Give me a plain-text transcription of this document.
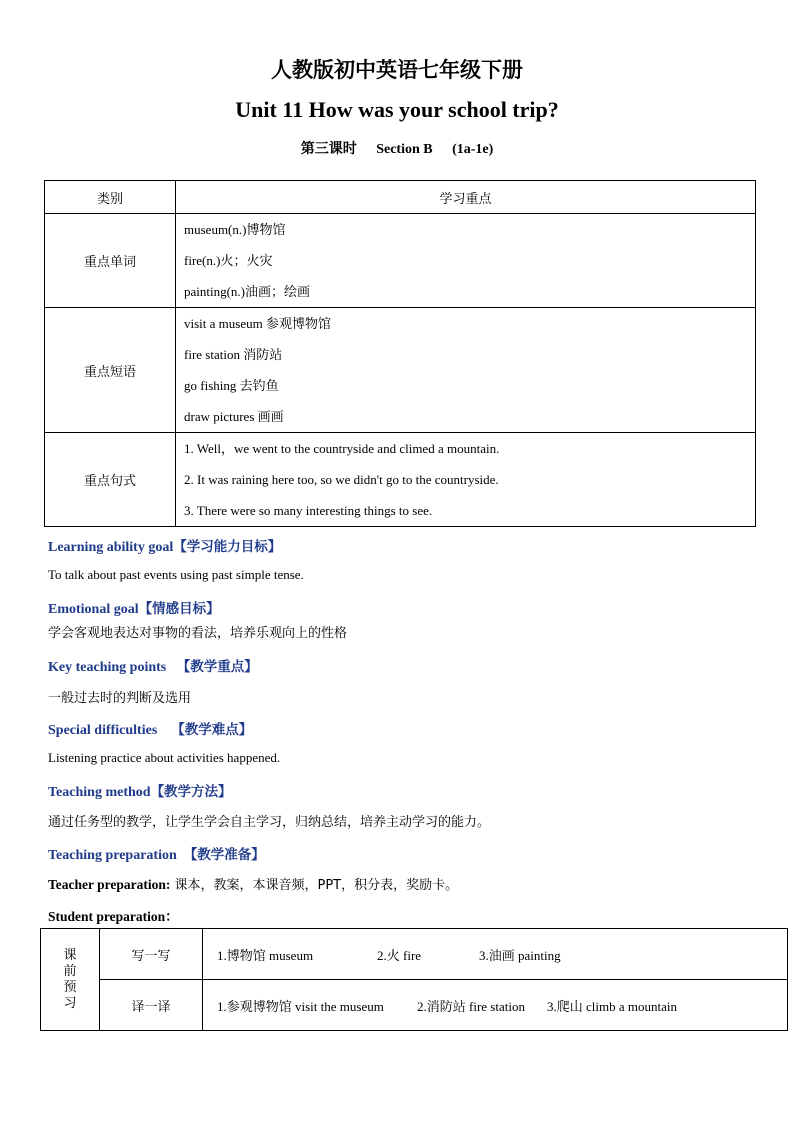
人教版初中英语七年级下册
Unit 11 How was your school trip?
第三课时 Section B (1a-1e)
类别	学习重点
重点单词	museum(n.)博物馆
fire(n.)火；火灾
painting(n.)油画；绘画

重点短语	visit a museum 参观博物馆
fire station 消防站
go fishing 去钓鱼
draw pictures 画画

重点句式	1. Well，we went to the countryside and climed a mountain.
2. It was raining here too, so we didn't go to the countryside.
3. There were so many interesting things to see.
Learning ability goal【学习能力目标】
To talk about past events using past simple tense.
Emotional goal【情感目标】
学会客观地表达对事物的看法，培养乐观向上的性格
Key teaching points 【教学重点】
一般过去时的判断及选用
Special difficulties 【教学难点】
Listening practice about activities happened.
Teaching method【教学方法】
通过任务型的教学，让学生学会自主学习，归纳总结，培养主动学习的能力。
Teaching preparation 【教学准备】
Teacher preparation: 课本，教案，本课音频，PPT，积分表，奖励卡。
Student preparation：
课前预习	写一写	1.博物馆 museum 2.火 fire 3.油画 painting
	译一译	1.参观博物馆 visit the museum 2.消防站 fire station 3.爬山 climb a mountain
